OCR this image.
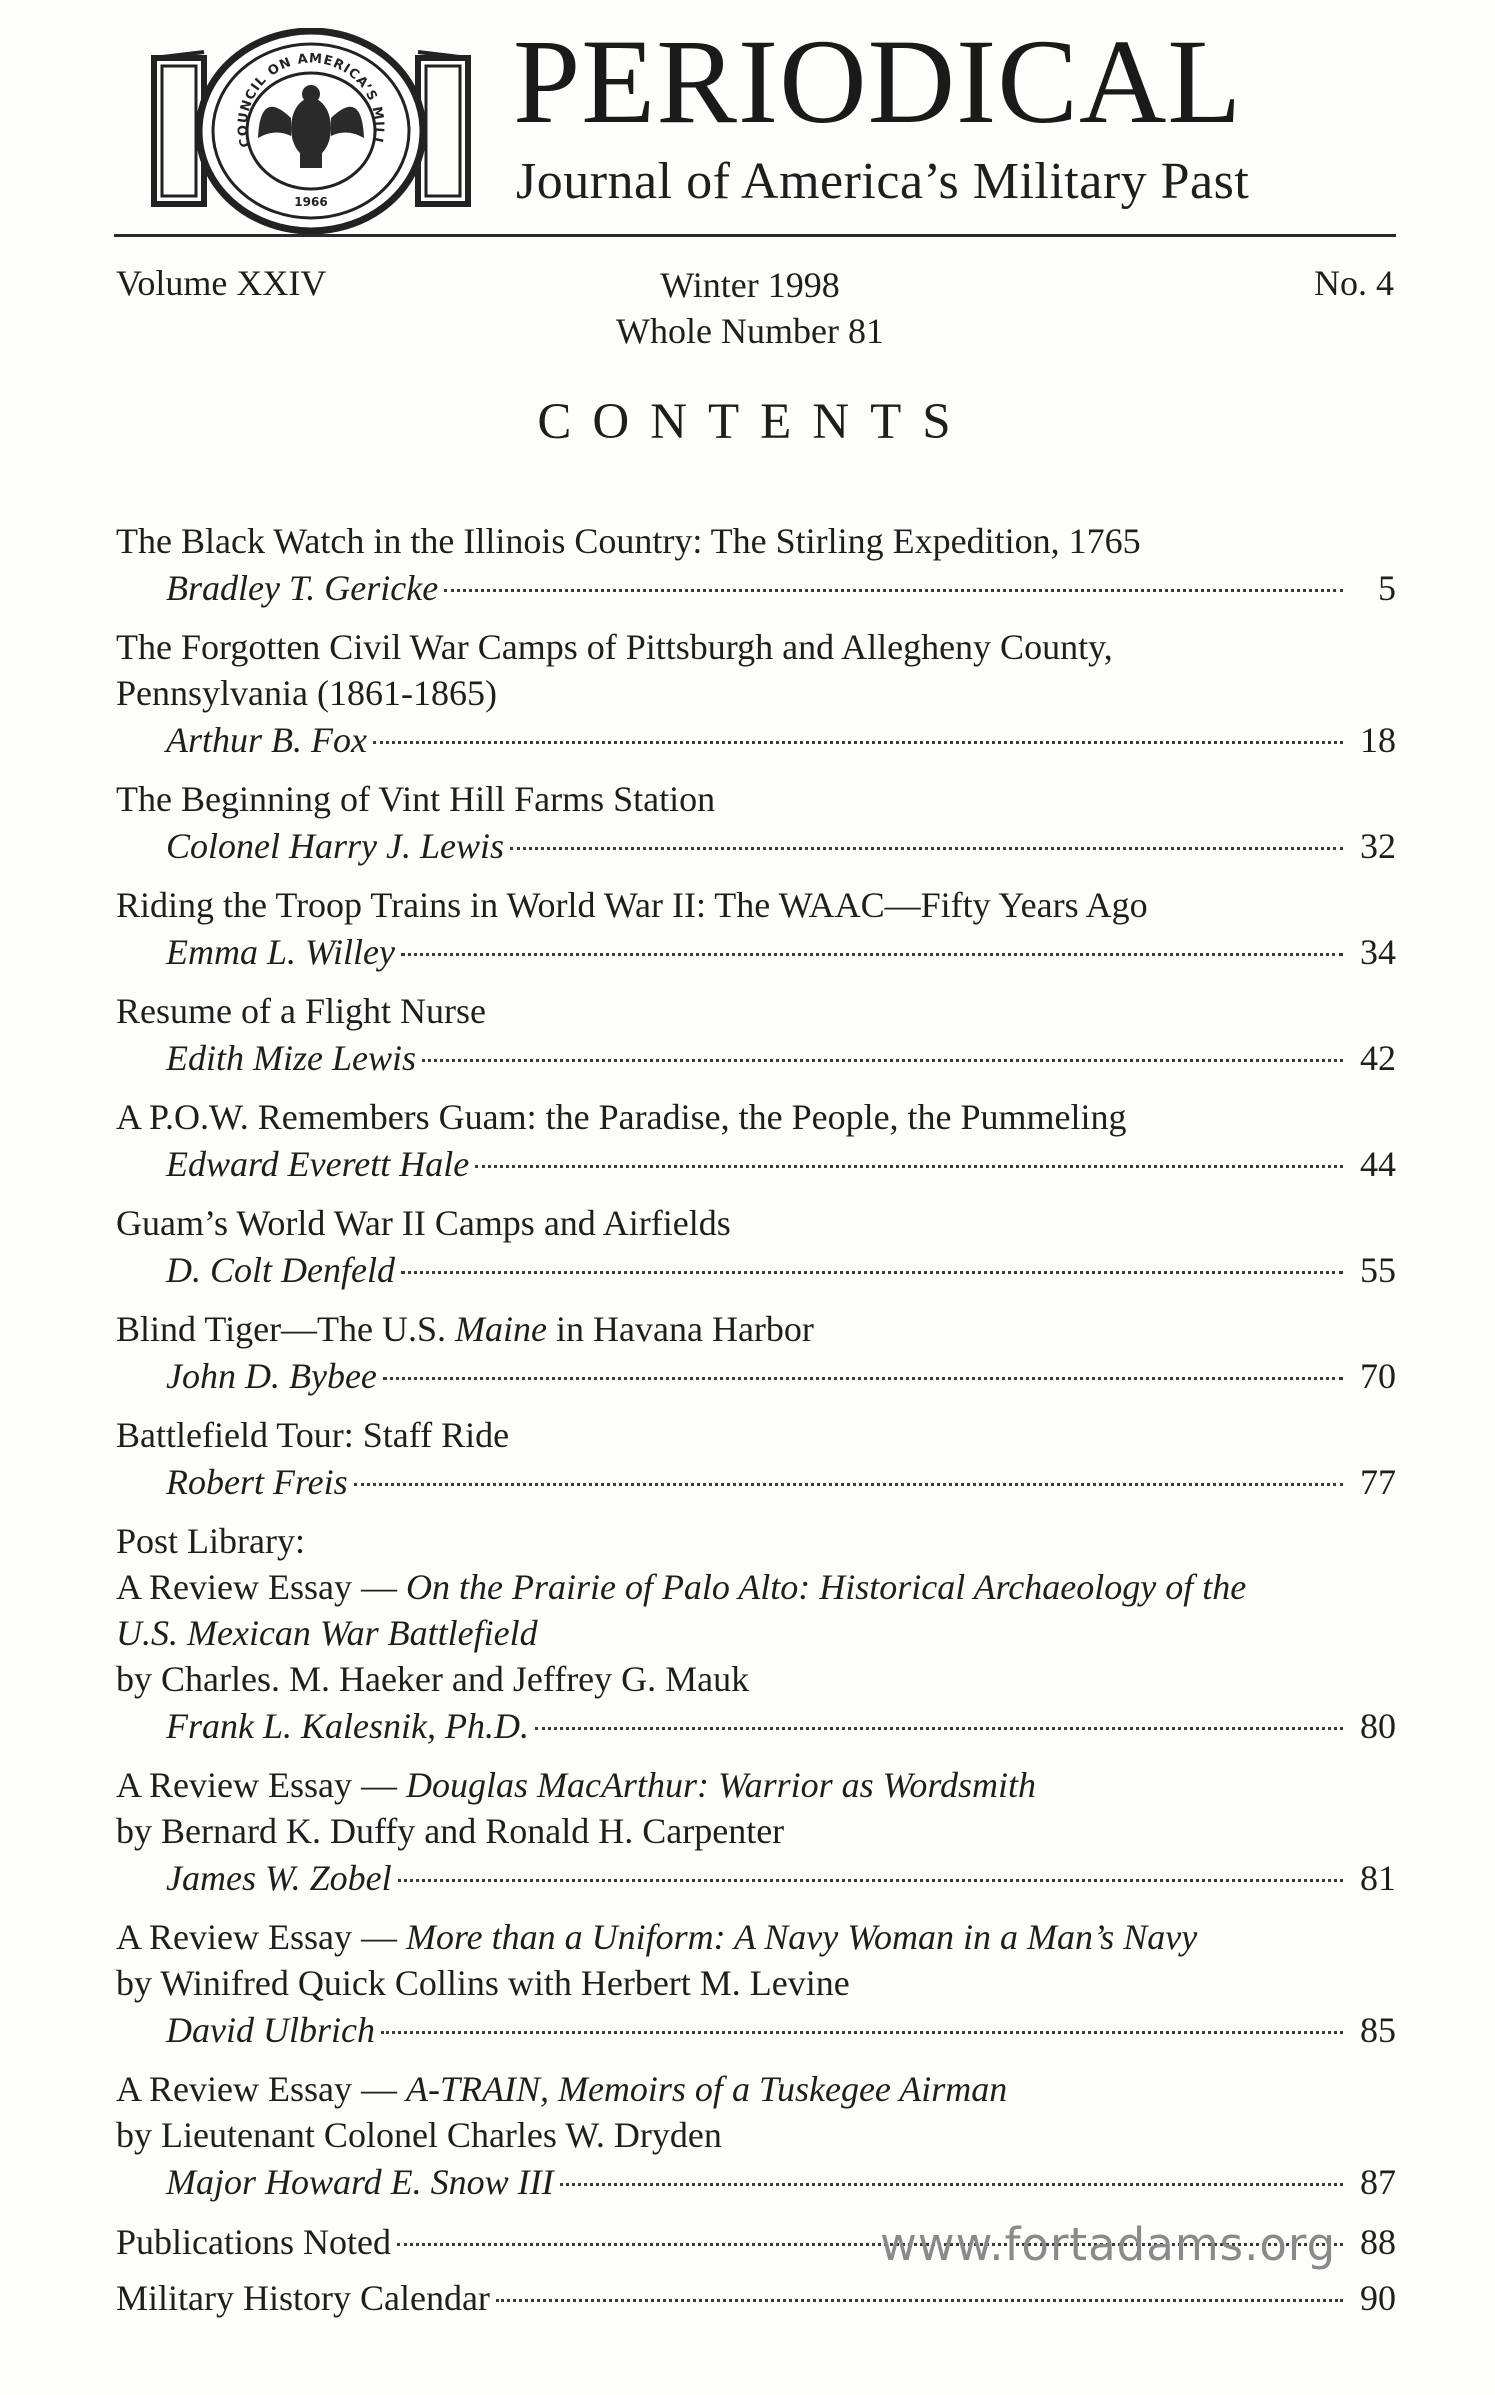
COUNCIL ON AMERICA’S MILI
1966
PERIODICAL
Journal of America’s Military Past
Volume XXIV	Winter 1998
Whole Number 81
No. 4
CONTENTS
The Black Watch in the Illinois Country: The Stirling Expedition, 1765
Bradley T. Gericke	5
The Forgotten Civil War Camps of Pittsburgh and Allegheny County,
Pennsylvania (1861-1865)
Arthur B. Fox	18
The Beginning of Vint Hill Farms Station
Colonel Harry J. Lewis	32
Riding the Troop Trains in World War II: The WAAC—Fifty Years Ago
Emma L. Willey	34
Resume of a Flight Nurse
Edith Mize Lewis	42
A P.O.W. Remembers Guam: the Paradise, the People, the Pummeling
Edward Everett Hale	44
Guam’s World War II Camps and Airfields
D. Colt Denfeld	55
Blind Tiger—The U.S. Maine in Havana Harbor
John D. Bybee	70
Battlefield Tour: Staff Ride
Robert Freis	77
Post Library:
A Review Essay — On the Prairie of Palo Alto: Historical Archaeology of the
U.S. Mexican War Battlefield
by Charles. M. Haeker and Jeffrey G. Mauk
Frank L. Kalesnik, Ph.D.	80
A Review Essay — Douglas MacArthur: Warrior as Wordsmith
by Bernard K. Duffy and Ronald H. Carpenter
James W. Zobel	81
A Review Essay — More than a Uniform: A Navy Woman in a Man’s Navy
by Winifred Quick Collins with Herbert M. Levine
David Ulbrich	85
A Review Essay — A-TRAIN, Memoirs of a Tuskegee Airman
by Lieutenant Colonel Charles W. Dryden
Major Howard E. Snow III	87
Publications Noted	88
Military History Calendar	90
www.fortadams.org
